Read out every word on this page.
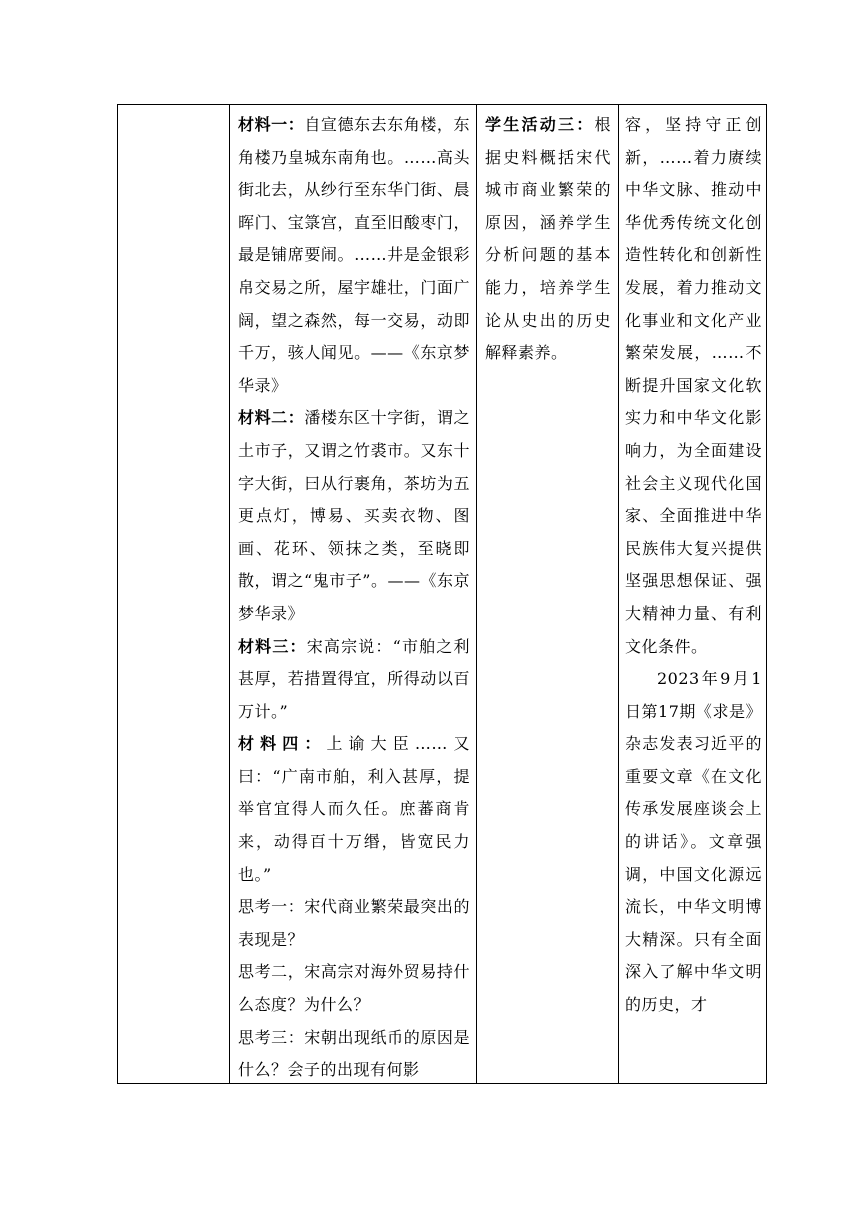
材料一：自宣德东去东角楼，东角楼乃皇城东南角也。……高头街北去，从纱行至东华门街、晨晖门、宝箓宫，直至旧酸枣门，最是铺席要闹。……井是金银彩帛交易之所，屋宇雄壮，门面广阔，望之森然，每一交易，动即千万，骇人闻见。——《东京梦华录》

材料二：潘楼东区十字街，谓之土市子，又谓之竹裘市。又东十字大街，曰从行裹角，茶坊为五更点灯，博易、买卖衣物、图画、花环、领抹之类，至晓即散，谓之“鬼市子”。——《东京梦华录》

材料三：宋高宗说：“市舶之利甚厚，若措置得宜，所得动以百万计。”

材料四：上谕大臣……又曰：“广南市舶，利入甚厚，提举官宜得人而久任。庶蕃商肯来，动得百十万缗，皆宽民力也。”

思考一：宋代商业繁荣最突出的表现是？

思考二，宋高宗对海外贸易持什么态度？为什么？

思考三：宋朝出现纸币的原因是什么？会子的出现有何影

学生活动三：根据史料概括宋代城市商业繁荣的原因，涵养学生分析问题的基本能力，培养学生论从史出的历史解释素养。

容，坚持守正创新，……着力赓续中华文脉、推动中华优秀传统文化创造性转化和创新性发展，着力推动文化事业和文化产业繁荣发展，……不断提升国家文化软实力和中华文化影响力，为全面建设社会主义现代化国家、全面推进中华民族伟大复兴提供坚强思想保证、强大精神力量、有利文化条件。

2023年9月1日第17期《求是》杂志发表习近平的重要文章《在文化传承发展座谈会上的讲话》。文章强调，中国文化源远流长，中华文明博大精深。只有全面深入了解中华文明的历史，才
